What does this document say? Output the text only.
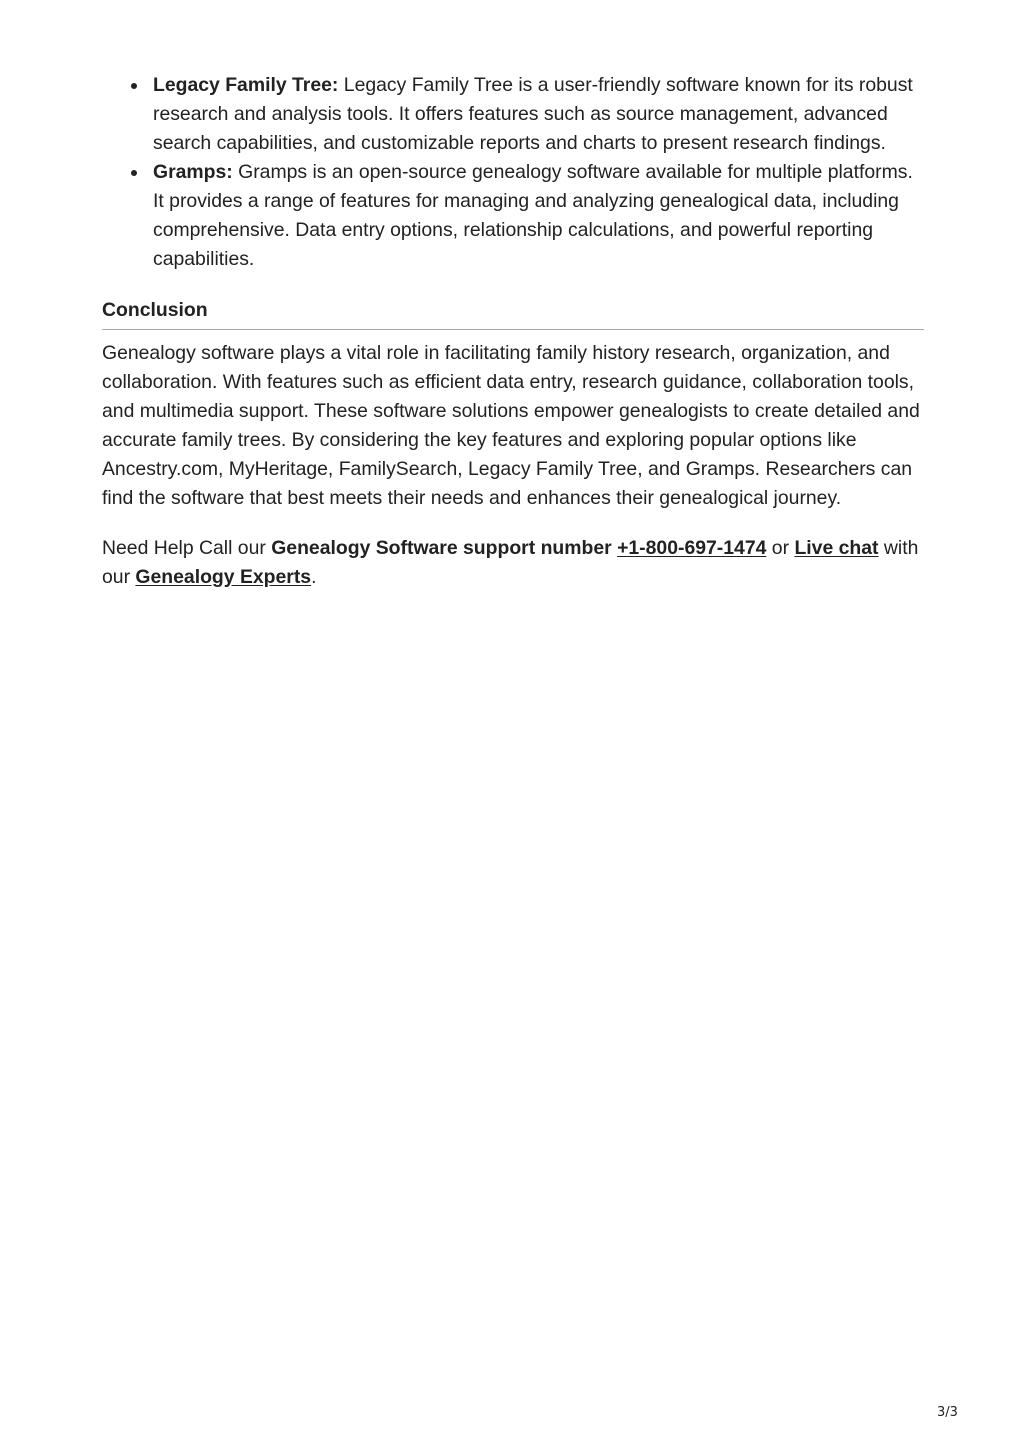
Legacy Family Tree: Legacy Family Tree is a user-friendly software known for its robust research and analysis tools. It offers features such as source management, advanced search capabilities, and customizable reports and charts to present research findings.
Gramps: Gramps is an open-source genealogy software available for multiple platforms. It provides a range of features for managing and analyzing genealogical data, including comprehensive. Data entry options, relationship calculations, and powerful reporting capabilities.
Conclusion

Genealogy software plays a vital role in facilitating family history research, organization, and collaboration. With features such as efficient data entry, research guidance, collaboration tools, and multimedia support. These software solutions empower genealogists to create detailed and accurate family trees. By considering the key features and exploring popular options like Ancestry.com, MyHeritage, FamilySearch, Legacy Family Tree, and Gramps. Researchers can find the software that best meets their needs and enhances their genealogical journey.

Need Help Call our Genealogy Software support number +1-800-697-1474 or Live chat with our Genealogy Experts.

3/3
